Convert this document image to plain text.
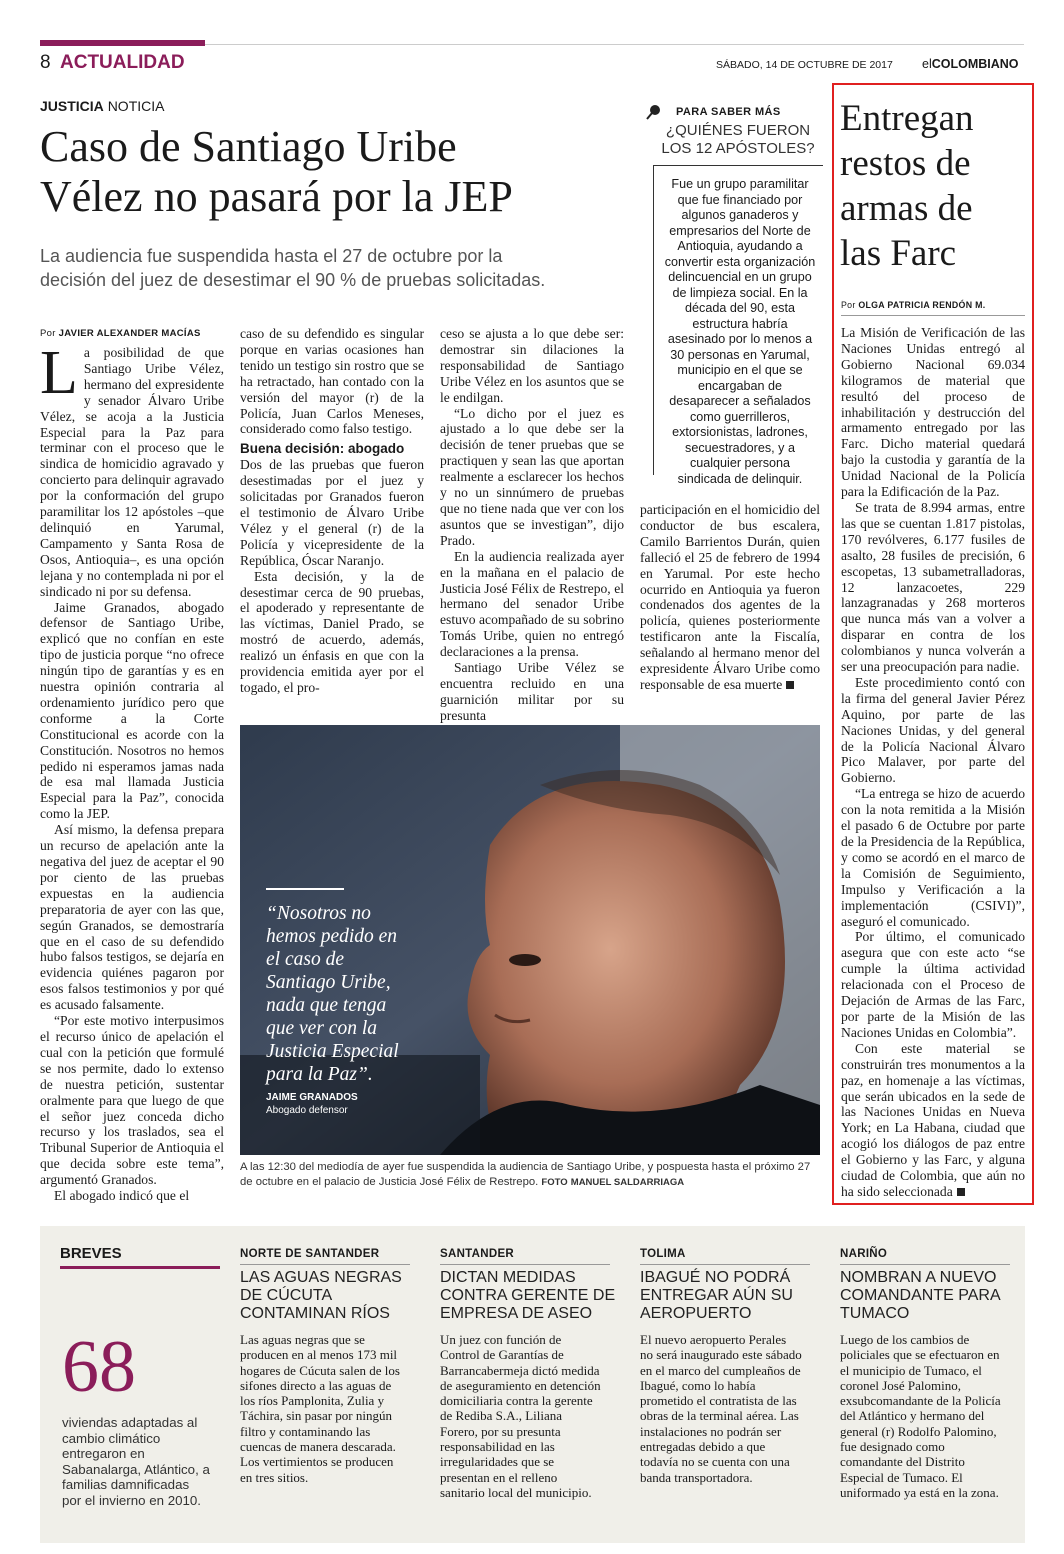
8 ACTUALIDAD	SÁBADO, 14 DE OCTUBRE DE 2017 elCOLOMBIANO
JUSTICIA NOTICIA
Caso de Santiago Uribe
Vélez no pasará por la JEP
La audiencia fue suspendida hasta el 27 de octubre por la
decisión del juez de desestimar el 90 % de pruebas solicitadas.
Por JAVIER ALEXANDER MACÍAS

La posibilidad de que Santiago Uribe Vélez, hermano del expresidente y senador Álvaro Uribe Vélez, se acoja a la Justicia Especial para la Paz para terminar con el proceso que le sindica de homicidio agravado y concierto para delinquir agravado por la conformación del grupo paramilitar los 12 apóstoles –que delinquió en Yarumal, Campamento y Santa Rosa de Osos, Antioquia–, es una opción lejana y no contemplada ni por el sindicado ni por su defensa.

Jaime Granados, abogado defensor de Santiago Uribe, explicó que no confían en este tipo de justicia porque “no ofrece ningún tipo de garantías y es en nuestra opinión contraria al ordenamiento jurídico pero que conforme a la Corte Constitucional es acorde con la Constitución. Nosotros no hemos pedido ni esperamos jamas nada de esa mal llamada Justicia Especial para la Paz”, conocida como la JEP.

Así mismo, la defensa prepara un recurso de apelación ante la negativa del juez de aceptar el 90 por ciento de las pruebas expuestas en la audiencia preparatoria de ayer con las que, según Granados, se demostraría que en el caso de su defendido hubo falsos testigos, se dejaría en evidencia quiénes pagaron por esos falsos testimonios y por qué es acusado falsamente.

“Por este motivo interpusimos el recurso único de apelación el cual con la petición que formulé se nos permite, dado lo extenso de nuestra petición, sustentar oralmente para que luego de que el señor juez conceda dicho recurso y los traslados, sea el Tribunal Superior de Antioquia el que decida sobre este tema”, argumentó Granados.

El abogado indicó que el

caso de su defendido es singular porque en varias ocasiones han tenido un testigo sin rostro que se ha retractado, han contado con la versión del mayor (r) de la Policía, Juan Carlos Meneses, considerado como falso testigo.

Buena decisión: abogado

Dos de las pruebas que fueron desestimadas por el juez y solicitadas por Granados fueron el testimonio de Álvaro Uribe Vélez y el general (r) de la Policía y vicepresidente de la República, Óscar Naranjo.

Esta decisión, y la de desestimar cerca de 90 pruebas, el apoderado y representante de las víctimas, Daniel Prado, se mostró de acuerdo, además, realizó un énfasis en que con la providencia emitida ayer por el togado, el pro-

ceso se ajusta a lo que debe ser: demostrar sin dilaciones la responsabilidad de Santiago Uribe Vélez en los asuntos que se le endilgan.

“Lo dicho por el juez es ajustado a lo que debe ser la decisión de tener pruebas que se practiquen y sean las que aportan realmente a esclarecer los hechos y no un sinnúmero de pruebas que no tiene nada que ver con los asuntos que se investigan”, dijo Prado.

En la audiencia realizada ayer en la mañana en el palacio de Justicia José Félix de Restrepo, el hermano del senador Uribe estuvo acompañado de su sobrino Tomás Uribe, quien no entregó declaraciones a la prensa.

Santiago Uribe Vélez se encuentra recluido en una guarnición militar por su presunta

participación en el homicidio del conductor de bus escalera, Camilo Barrientos Durán, quien falleció el 25 de febrero de 1994 en Yarumal. Por este hecho ocurrido en Antioquia ya fueron condenados dos agentes de la policía, quienes posteriormente testificaron ante la Fiscalía, señalando al hermano menor del expresidente Álvaro Uribe como responsable de esa muerte

PARA SABER MÁS
¿QUIÉNES FUERON
LOS 12 APÓSTOLES?
Fue un grupo paramilitar que fue financiado por algunos ganaderos y empresarios del Norte de Antioquia, ayudando a convertir esta organización delincuencial en un grupo de limpieza social. En la década del 90, esta estructura habría asesinado por lo menos a 30 personas en Yarumal, municipio en el que se encargaban de desaparecer a señalados como guerrilleros, extorsionistas, ladrones, secuestradores, y a cualquier persona sindicada de delinquir.
“Nosotros no
hemos pedido en
el caso de
Santiago Uribe,
nada que tenga
que ver con la
Justicia Especial
para la Paz”.
JAIME GRANADOS
Abogado defensor
A las 12:30 del mediodía de ayer fue suspendida la audiencia de Santiago Uribe, y pospuesta hasta el próximo 27 de octubre en el palacio de Justicia José Félix de Restrepo. FOTO MANUEL SALDARRIAGA
Entregan
restos de
armas de
las Farc
Por OLGA PATRICIA RENDÓN M.

La Misión de Verificación de las Naciones Unidas entregó al Gobierno Nacional 69.034 kilogramos de material que resultó del proceso de inhabilitación y destrucción del armamento entregado por las Farc. Dicho material quedará bajo la custodia y garantía de la Unidad Nacional de la Policía para la Edificación de la Paz.

Se trata de 8.994 armas, entre las que se cuentan 1.817 pistolas, 170 revólveres, 6.177 fusiles de asalto, 28 fusiles de precisión, 6 escopetas, 13 subametralladoras, 12 lanzacoetes, 229 lanzagranadas y 268 morteros que nunca más van a volver a disparar en contra de los colombianos y nunca volverán a ser una preocupación para nadie.

Este procedimiento contó con la firma del general Javier Pérez Aquino, por parte de las Naciones Unidas, y del general de la Policía Nacional Álvaro Pico Malaver, por parte del Gobierno.

“La entrega se hizo de acuerdo con la nota remitida a la Misión el pasado 6 de Octubre por parte de la Presidencia de la República, y como se acordó en el marco de la Comisión de Seguimiento, Impulso y Verificación a la implementación (CSIVI)”, aseguró el comunicado.

Por último, el comunicado asegura que con este acto “se cumple la última actividad relacionada con el Proceso de Dejación de Armas de las Farc, por parte de la Misión de las Naciones Unidas en Colombia”.

Con este material se construirán tres monumentos a la paz, en homenaje a las víctimas, que serán ubicados en la sede de las Naciones Unidas en Nueva York; en La Habana, ciudad que acogió los diálogos de paz entre el Gobierno y las Farc, y alguna ciudad de Colombia, que aún no ha sido seleccionada

BREVES
68
viviendas adaptadas al cambio climático entregaron en Sabanalarga, Atlántico, a familias damnificadas por el invierno en 2010.
NORTE DE SANTANDER
LAS AGUAS NEGRAS DE CÚCUTA CONTAMINAN RÍOS
Las aguas negras que se producen en al menos 173 mil hogares de Cúcuta salen de los sifones directo a las aguas de los ríos Pamplonita, Zulia y Táchira, sin pasar por ningún filtro y contaminando las cuencas de manera descarada. Los vertimientos se producen en tres sitios.
SANTANDER
DICTAN MEDIDAS CONTRA GERENTE DE EMPRESA DE ASEO
Un juez con función de Control de Garantías de Barrancabermeja dictó medida de aseguramiento en detención domiciliaria contra la gerente de Rediba S.A., Liliana Forero, por su presunta responsabilidad en las irregularidades que se presentan en el relleno sanitario local del municipio.
TOLIMA
IBAGUÉ NO PODRÁ ENTREGAR AÚN SU AEROPUERTO
El nuevo aeropuerto Perales no será inaugurado este sábado en el marco del cumpleaños de Ibagué, como lo había prometido el contratista de las obras de la terminal aérea. Las instalaciones no podrán ser entregadas debido a que todavía no se cuenta con una banda transportadora.
NARIÑO
NOMBRAN A NUEVO COMANDANTE PARA TUMACO
Luego de los cambios de policiales que se efectuaron en el municipio de Tumaco, el coronel José Palomino, exsubcomandante de la Policía del Atlántico y hermano del general (r) Rodolfo Palomino, fue designado como comandante del Distrito Especial de Tumaco. El uniformado ya está en la zona.
